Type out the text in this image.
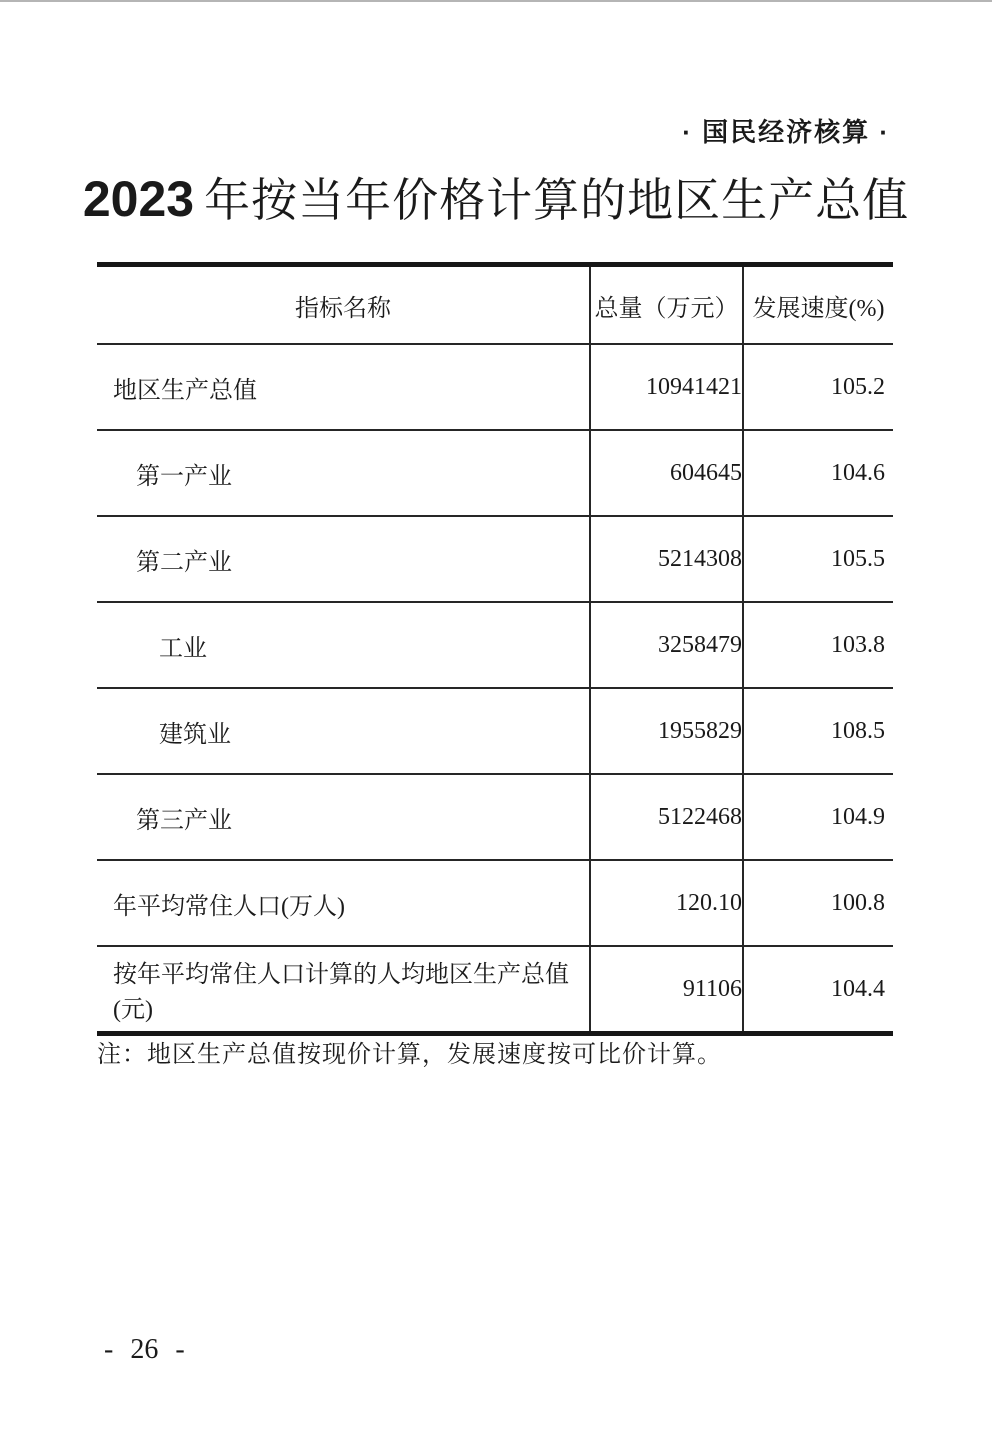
· 国民经济核算 ·
2023 年按当年价格计算的地区生产总值
指标名称	总量（万元）	发展速度(%)
地区生产总值	10941421	105.2
第一产业	604645	104.6
第二产业	5214308	105.5
工业	3258479	103.8
建筑业	1955829	108.5
第三产业	5122468	104.9
年平均常住人口(万人)	120.10	100.8
按年平均常住人口计算的人均地区生产总值(元)	91106	104.4
注：地区生产总值按现价计算，发展速度按可比价计算。
- 26 -
